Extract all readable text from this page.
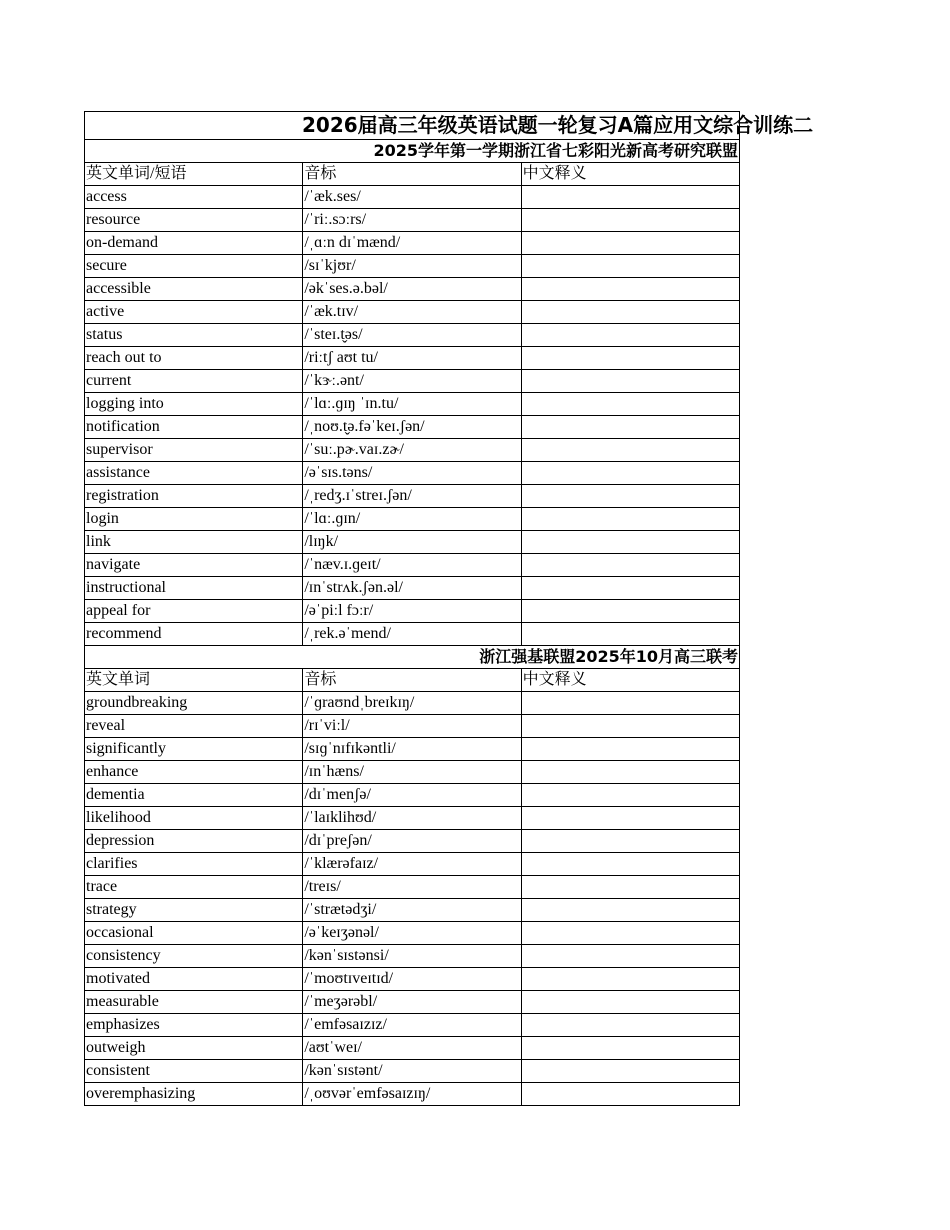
2026届高三年级英语试题一轮复习A篇应用文综合训练二		
2025学年第一学期浙江省七彩阳光新高考研究联盟		
英文单词/短语	音标	中文释义
access	/ˈæk.ses/	
resource	/ˈriː.sɔːrs/	
on-demand	/ˌɑːn dɪˈmænd/	
secure	/sɪˈkjʊr/	
accessible	/əkˈses.ə.bəl/	
active	/ˈæk.tɪv/	
status	/ˈsteɪ.t̬əs/	
reach out to	/riːtʃ aʊt tu/	
current	/ˈkɝː.ənt/	
logging into	/ˈlɑː.ɡɪŋ ˈɪn.tu/	
notification	/ˌnoʊ.t̬ə.fəˈkeɪ.ʃən/	
supervisor	/ˈsuː.pɚ.vaɪ.zɚ/	
assistance	/əˈsɪs.təns/	
registration	/ˌredʒ.ɪˈstreɪ.ʃən/	
login	/ˈlɑː.ɡɪn/	
link	/lɪŋk/	
navigate	/ˈnæv.ɪ.ɡeɪt/	
instructional	/ɪnˈstrʌk.ʃən.əl/	
appeal for	/əˈpiːl fɔːr/	
recommend	/ˌrek.əˈmend/	
浙江强基联盟2025年10月高三联考		
英文单词	音标	中文释义
groundbreaking	/ˈɡraʊndˌbreɪkɪŋ/	
reveal	/rɪˈviːl/	
significantly	/sɪɡˈnɪfɪkəntli/	
enhance	/ɪnˈhæns/	
dementia	/dɪˈmenʃə/	
likelihood	/ˈlaɪklihʊd/	
depression	/dɪˈpreʃən/	
clarifies	/ˈklærəfaɪz/	
trace	/treɪs/	
strategy	/ˈstrætədʒi/	
occasional	/əˈkeɪʒənəl/	
consistency	/kənˈsɪstənsi/	
motivated	/ˈmoʊtɪveɪtɪd/	
measurable	/ˈmeʒərəbl/	
emphasizes	/ˈemfəsaɪzɪz/	
outweigh	/aʊtˈweɪ/	
consistent	/kənˈsɪstənt/	
overemphasizing	/ˌoʊvərˈemfəsaɪzɪŋ/	
